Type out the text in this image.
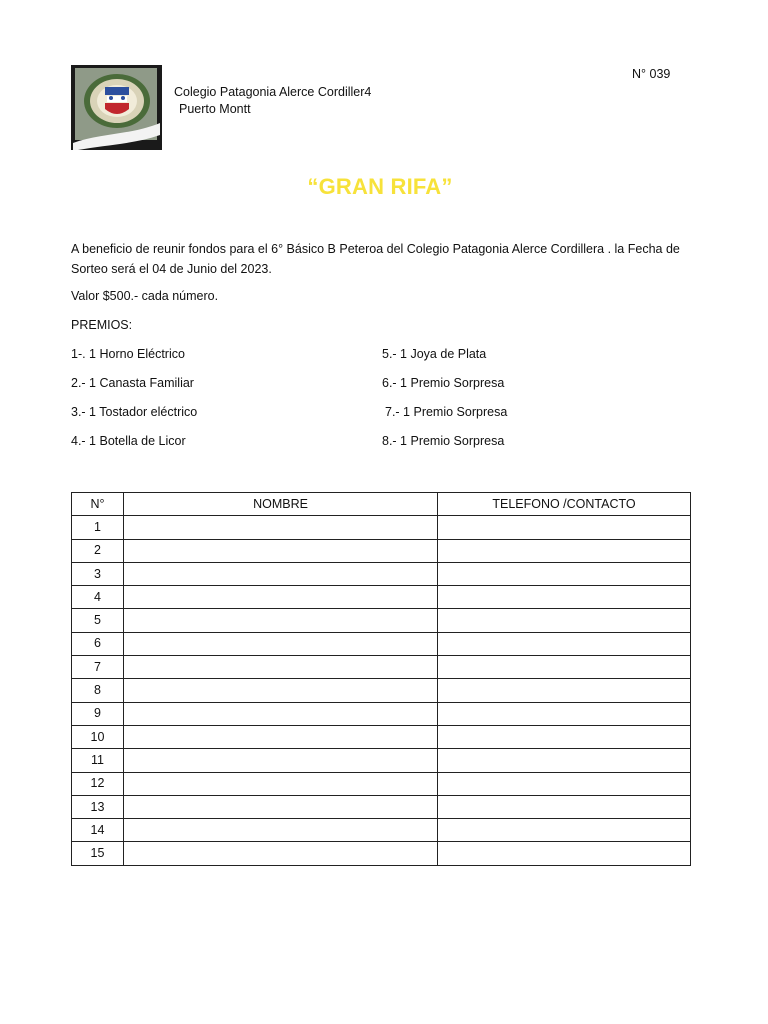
Colegio Patagonia Alerce Cordiller4
Puerto Montt
N° 039
“GRAN RIFA”
A beneficio de reunir fondos para el 6° Básico B Peteroa del Colegio Patagonia Alerce Cordillera . la Fecha de Sorteo será el 04 de Junio del 2023.
Valor $500.- cada número.
PREMIOS:
1-. 1 Horno Eléctrico
2.- 1 Canasta Familiar
3.- 1 Tostador eléctrico
4.- 1 Botella de Licor
5.- 1 Joya de Plata
6.- 1 Premio Sorpresa
7.- 1 Premio Sorpresa
8.- 1 Premio Sorpresa
N°	NOMBRE	TELEFONO /CONTACTO
1		
2		
3		
4		
5		
6		
7		
8		
9		
10		
11		
12		
13		
14		
15		
